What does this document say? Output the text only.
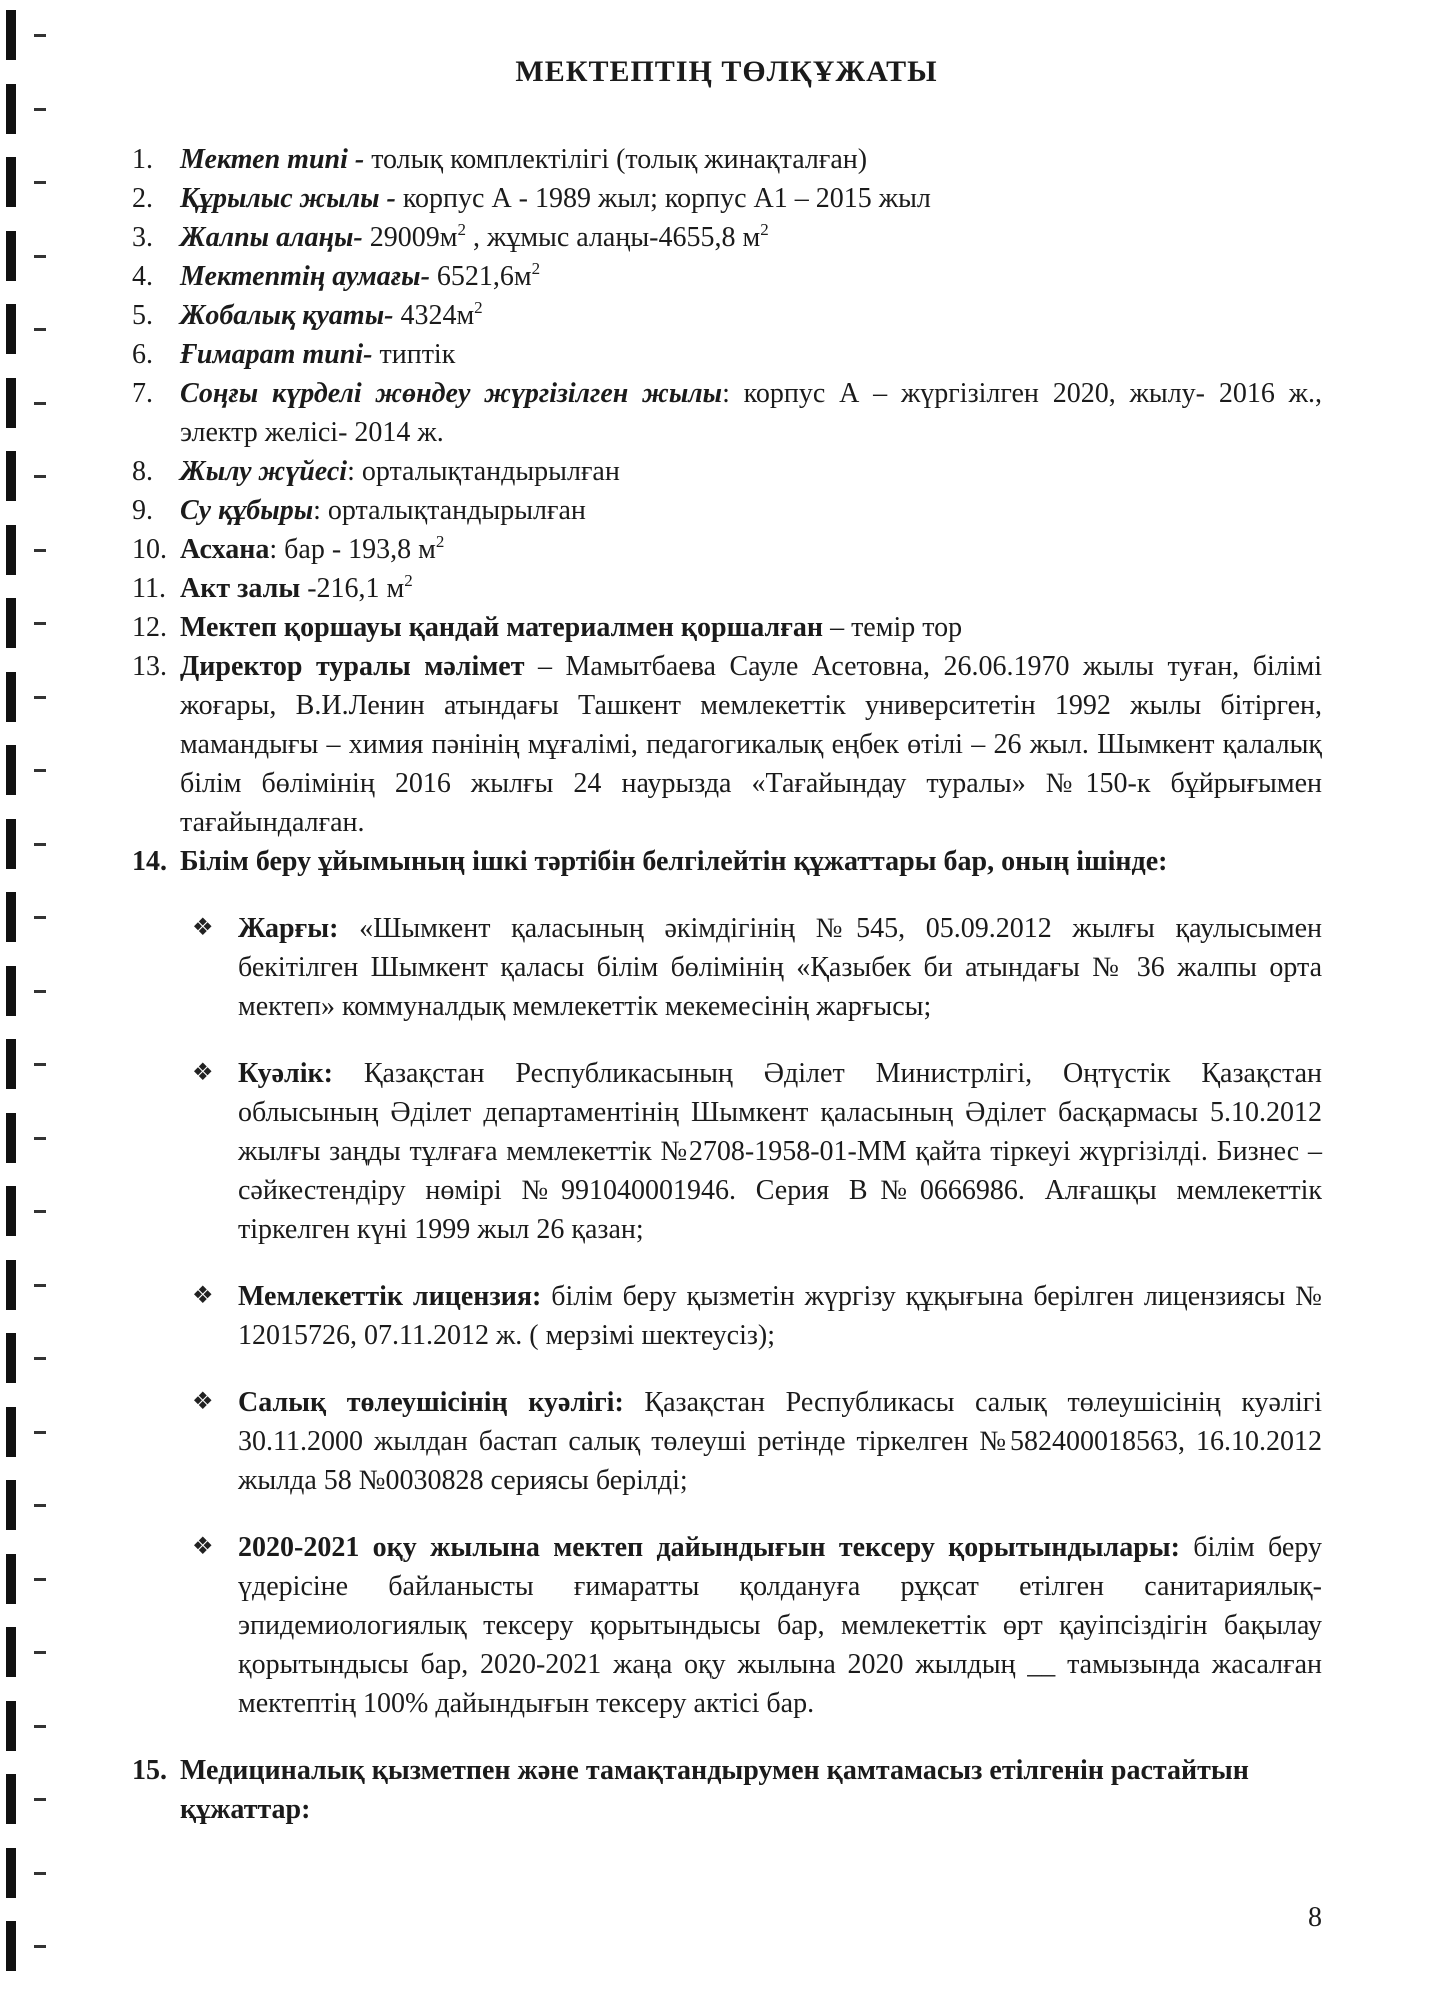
МЕКТЕПТІҢ ТӨЛҚҰЖАТЫ

1. Мектеп типі - толық комплектілігі (толық жинақталған)

2. Құрылыс жылы - корпус А - 1989 жыл; корпус А1 – 2015 жыл

3. Жалпы алаңы- $29009м^2$ , жұмыс алаңы-4655,8 $м^2$

4. Мектептің аумағы- $6521,6м^2$

5. Жобалық қуаты- $4324м^2$

6. Ғимарат типі- типтік

7. Соңғы күрделі жөндеу жүргізілген жылы: корпус А – жүргізілген 2020, жылу- 2016 ж., электр желісі- 2014 ж.

8. Жылу жүйесі: орталықтандырылған

9. Су құбыры: орталықтандырылған

10. Асхана: бар - 193,8 $м^2$

11. Акт залы -216,1 $м^2$

12. Мектеп қоршауы қандай материалмен қоршалған – темір тор

13. Директор туралы мәлімет – Мамытбаева Сауле Асетовна, 26.06.1970 жылы туған, білімі жоғары, В.И.Ленин атындағы Ташкент мемлекеттік университетін 1992 жылы бітірген, мамандығы – химия пәнінің мұғалімі, педагогикалық еңбек өтілі – 26 жыл. Шымкент қалалық білім бөлімінің 2016 жылғы 24 наурызда «Тағайындау туралы» №150-к бұйрығымен тағайындалған.

14. Білім беру ұйымының ішкі тәртібін белгілейтін құжаттары бар, оның ішінде:

❖ Жарғы: «Шымкент қаласының әкімдігінің №545, 05.09.2012 жылғы қаулысымен бекітілген Шымкент қаласы білім бөлімінің «Қазыбек би атындағы № 36 жалпы орта мектеп» коммуналдық мемлекеттік мекемесінің жарғысы;

❖ Куәлік: Қазақстан Республикасының Әділет Министрлігі, Оңтүстік Қазақстан облысының Әділет департаментінің Шымкент қаласының Әділет басқармасы 5.10.2012 жылғы заңды тұлғаға мемлекеттік №2708-1958-01-ММ қайта тіркеуі жүргізілді. Бизнес – сәйкестендіру нөмірі №991040001946. Серия В№0666986. Алғашқы мемлекеттік тіркелген күні 1999 жыл 26 қазан;

❖ Мемлекеттік лицензия: білім беру қызметін жүргізу құқығына берілген лицензиясы № 12015726, 07.11.2012 ж. ( мерзімі шектеусіз);

❖ Салық төлеушісінің куәлігі: Қазақстан Республикасы салық төлеушісінің куәлігі 30.11.2000 жылдан бастап салық төлеуші ретінде тіркелген №582400018563, 16.10.2012 жылда 58 №0030828 сериясы берілді;

❖ 2020-2021 оқу жылына мектеп дайындығын тексеру қорытындылары: білім беру үдерісіне байланысты ғимаратты қолдануға рұқсат етілген санитариялық-эпидемиологиялық тексеру қорытындысы бар, мемлекеттік өрт қауіпсіздігін бақылау қорытындысы бар, 2020-2021 жаңа оқу жылына 2020 жылдың __ тамызында жасалған мектептің 100% дайындығын тексеру актісі бар.

15. Медициналық қызметпен және тамақтандырумен қамтамасыз етілгенін растайтын құжаттар:

8
